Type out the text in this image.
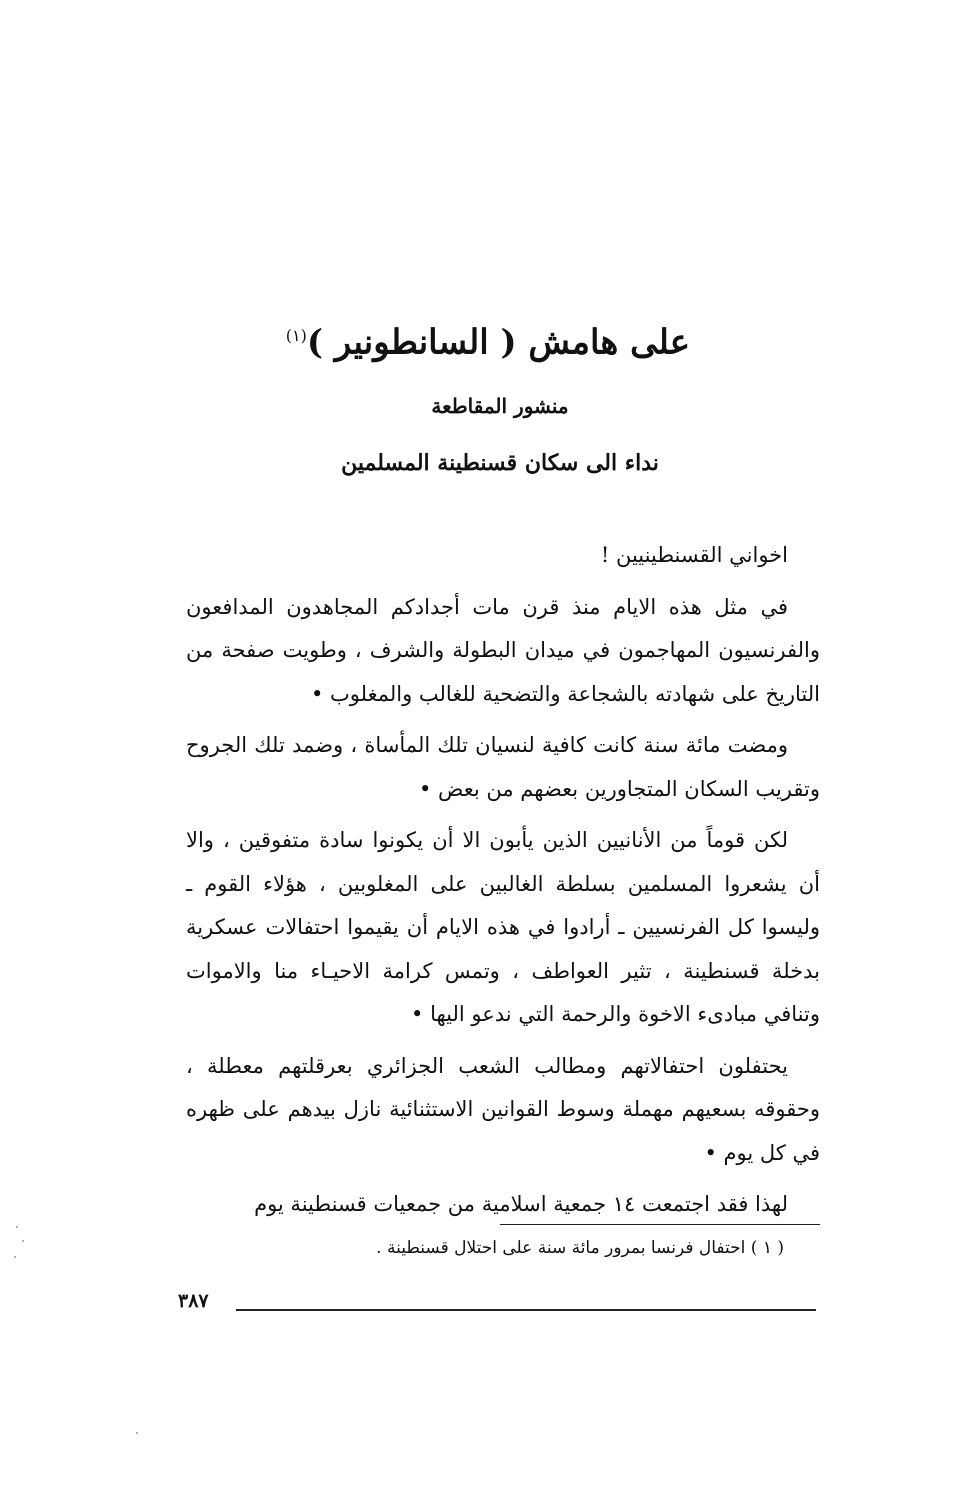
على هامش ( السانطونير )$^{(١)}$
منشور المقاطعة
نداء الى سكان قسنطينة المسلمين

اخواني القسنطينيين !

في مثل هذه الايام منذ قرن مات أجدادكم المجاهدون المدافعون والفرنسيون المهاجمون في ميدان البطولة والشرف ، وطويت صفحة من التاريخ على شهادته بالشجاعة والتضحية للغالب والمغلوب •

ومضت مائة سنة كانت كافية لنسيان تلك المأساة ، وضمد تلك الجروح وتقريب السكان المتجاورين بعضهم من بعض •

لكن قوماً من الأنانيين الذين يأبون الا أن يكونوا سادة متفوقين ، والا أن يشعروا المسلمين بسلطة الغالبين على المغلوبين ، هؤلاء القوم ـ وليسوا كل الفرنسيين ـ أرادوا في هذه الايام أن يقيموا احتفالات عسكرية بدخلة قسنطينة ، تثير العواطف ، وتمس كرامة الاحيـاء منا والاموات وتنافي مبادىء الاخوة والرحمة التي ندعو اليها •

يحتفلون احتفالاتهم ومطالب الشعب الجزائري بعرقلتهم معطلة ، وحقوقه بسعيهم مهملة وسوط القوانين الاستثنائية نازل بيدهم على ظهره في كل يوم •

لهذا فقد اجتمعت ١٤ جمعية اسلامية من جمعيات قسنطينة يوم

( ١ ) احتفال فرنسا بمرور مائة سنة على احتلال قسنطينة .
٣٨٧
